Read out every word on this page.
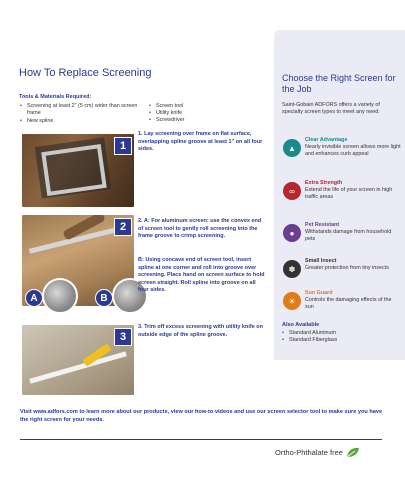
How To Replace Screening
Tools & Materials Required:
• Screening at least 2" (5 cm) wider than screen frame
• New spline
• Screen tool
• Utility knife
• Screwdriver
1
1. Lay screening over frame on flat surface, overlapping spline groove at least 1" on all four sides.
2
A	B
2. A: For aluminum screen: use the convex end of screen tool to gently roll screening into the frame groove to crimp screening.
B: Using concave end of screen tool, insert spline at one corner and roll into groove over screening. Place hand on screen surface to hold screen straight. Roll spline into groove on all four sides.
3
3. Trim off excess screening with utility knife on outside edge of the spline groove.
Choose the Right Screen for the Job
Saint-Gobain ADFORS offers a variety of specialty screen types to meet any need.
▲
Clear Advantage
Nearly invisible screen allows more light and enhances curb appeal
∞
Extra Strength
Extend the life of your screen in high traffic areas
●
Pet Resistant
Withstands damage from household pets
✽
Small Insect
Greater protection from tiny insects
☀
Sun Guard
Controls the damaging effects of the sun
Also Available
• Standard Aluminum
• Standard Fiberglass
Visit www.adfors.com to learn more about our products, view our how-to videos and use our screen selector tool to make sure you have the right screen for your needs.
Ortho-Phthalate free
